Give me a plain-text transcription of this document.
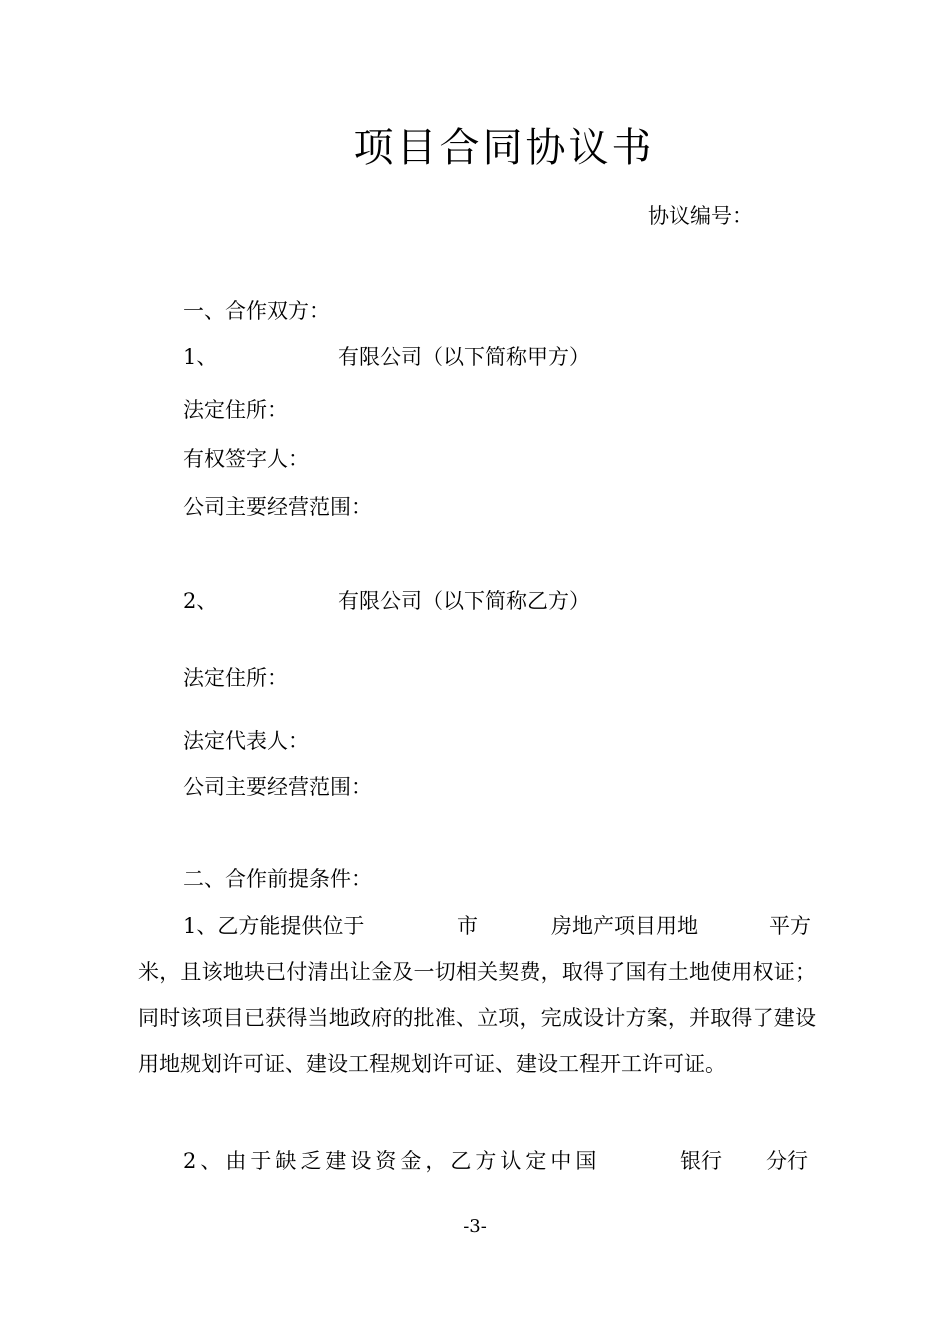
项目合同协议书
协议编号：
一、合作双方：
1、	有限公司（以下简称甲方）
法定住所：
有权签字人：
公司主要经营范围：
2、	有限公司（以下简称乙方）
法定住所：
法定代表人：
公司主要经营范围：
二、合作前提条件：
1、乙方能提供位于	市	房地产项目用地	平方
米，且该地块已付清出让金及一切相关契费，取得了国有土地使用权证；同时该项目已获得当地政府的批准、立项，完成设计方案，并取得了建设用地规划许可证、建设工程规划许可证、建设工程开工许可证。
2、由于缺乏建设资金，乙方认定中国	银行 分行
-3-
